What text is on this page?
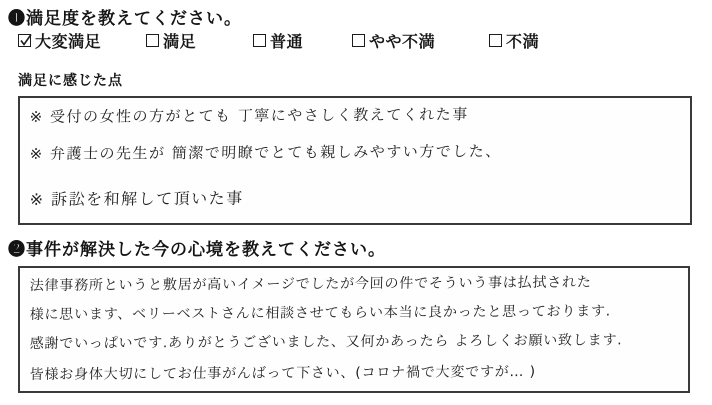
❶満足度を教えてください。
大変満足	満足	普通	やや不満	不満
満足に感じた点
※ 受付の女性の方がとても 丁寧にやさしく教えてくれた事
※ 弁護士の先生が 簡潔で明瞭でとても親しみやすい方でした、
※ 訴訟を和解して頂いた事
❷事件が解決した今の心境を教えてください。
法律事務所というと敷居が高いイメージでしたが今回の件でそういう事は払拭された
様に思います、ベリーベストさんに相談させてもらい本当に良かったと思っております.
感謝でいっぱいです.ありがとうございました、又何かあったら よろしくお願い致します.
皆様お身体大切にしてお仕事がんばって下さい、(コロナ禍で大変ですが… )
